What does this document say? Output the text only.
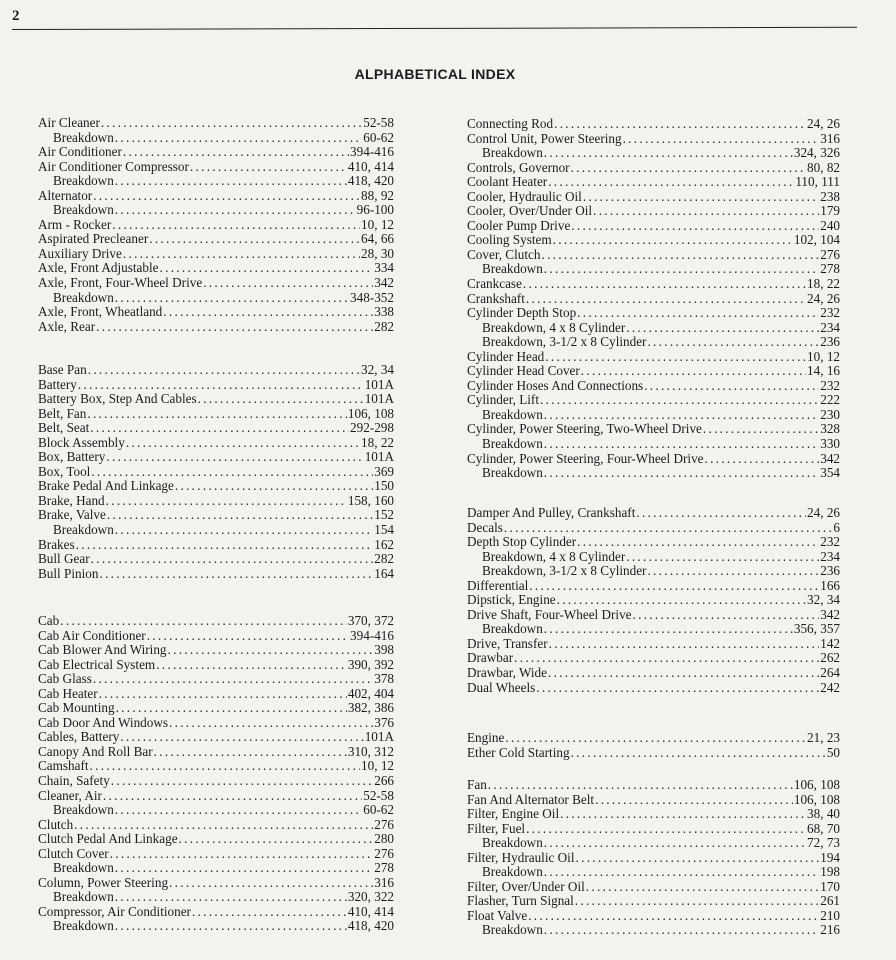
2
ALPHABETICAL INDEX
Air Cleaner .....	52-58
Breakdown .....	60-62
Air Conditioner .....	394-416
Air Conditioner Compressor .....	410, 414
Breakdown .....	418, 420
Alternator .....	88, 92
Breakdown .....	96-100
Arm - Rocker .....	10, 12
Aspirated Precleaner .....	64, 66
Auxiliary Drive .....	28, 30
Axle, Front Adjustable .....	334
Axle, Front, Four-Wheel Drive .....	342
Breakdown .....	348-352
Axle, Front, Wheatland .....	338
Axle, Rear .....	282
Base Pan .....	32, 34
Battery .....	101A
Battery Box, Step And Cables .....	101A
Belt, Fan .....	106, 108
Belt, Seat .....	292-298
Block Assembly .....	18, 22
Box, Battery .....	101A
Box, Tool .....	369
Brake Pedal And Linkage .....	150
Brake, Hand .....	158, 160
Brake, Valve .....	152
Breakdown .....	154
Brakes .....	162
Bull Gear .....	282
Bull Pinion .....	164
Cab .....	370, 372
Cab Air Conditioner .....	394-416
Cab Blower And Wiring .....	398
Cab Electrical System .....	390, 392
Cab Glass .....	378
Cab Heater .....	402, 404
Cab Mounting .....	382, 386
Cab Door And Windows .....	376
Cables, Battery .....	101A
Canopy And Roll Bar .....	310, 312
Camshaft .....	10, 12
Chain, Safety .....	266
Cleaner, Air .....	52-58
Breakdown .....	60-62
Clutch .....	276
Clutch Pedal And Linkage .....	280
Clutch Cover .....	276
Breakdown .....	278
Column, Power Steering .....	316
Breakdown .....	320, 322
Compressor, Air Conditioner .....	410, 414
Breakdown .....	418, 420
Connecting Rod .....	24, 26
Control Unit, Power Steering .....	316
Breakdown .....	324, 326
Controls, Governor .....	80, 82
Coolant Heater .....	110, 111
Cooler, Hydraulic Oil .....	238
Cooler, Over/Under Oil .....	179
Cooler Pump Drive .....	240
Cooling System .....	102, 104
Cover, Clutch .....	276
Breakdown .....	278
Crankcase .....	18, 22
Crankshaft .....	24, 26
Cylinder Depth Stop .....	232
Breakdown, 4 x 8 Cylinder .....	234
Breakdown, 3-1/2 x 8 Cylinder .....	236
Cylinder Head .....	10, 12
Cylinder Head Cover .....	14, 16
Cylinder Hoses And Connections .....	232
Cylinder, Lift .....	222
Breakdown .....	230
Cylinder, Power Steering, Two-Wheel Drive .....	328
Breakdown .....	330
Cylinder, Power Steering, Four-Wheel Drive .....	342
Breakdown .....	354
Damper And Pulley, Crankshaft .....	24, 26
Decals .....	6
Depth Stop Cylinder .....	232
Breakdown, 4 x 8 Cylinder .....	234
Breakdown, 3-1/2 x 8 Cylinder .....	236
Differential .....	166
Dipstick, Engine .....	32, 34
Drive Shaft, Four-Wheel Drive .....	342
Breakdown .....	356, 357
Drive, Transfer .....	142
Drawbar .....	262
Drawbar, Wide .....	264
Dual Wheels .....	242
Engine .....	21, 23
Ether Cold Starting .....	50
Fan .....	106, 108
Fan And Alternator Belt .....	106, 108
Filter, Engine Oil .....	38, 40
Filter, Fuel .....	68, 70
Breakdown .....	72, 73
Filter, Hydraulic Oil .....	194
Breakdown .....	198
Filter, Over/Under Oil .....	170
Flasher, Turn Signal .....	261
Float Valve .....	210
Breakdown .....	216
